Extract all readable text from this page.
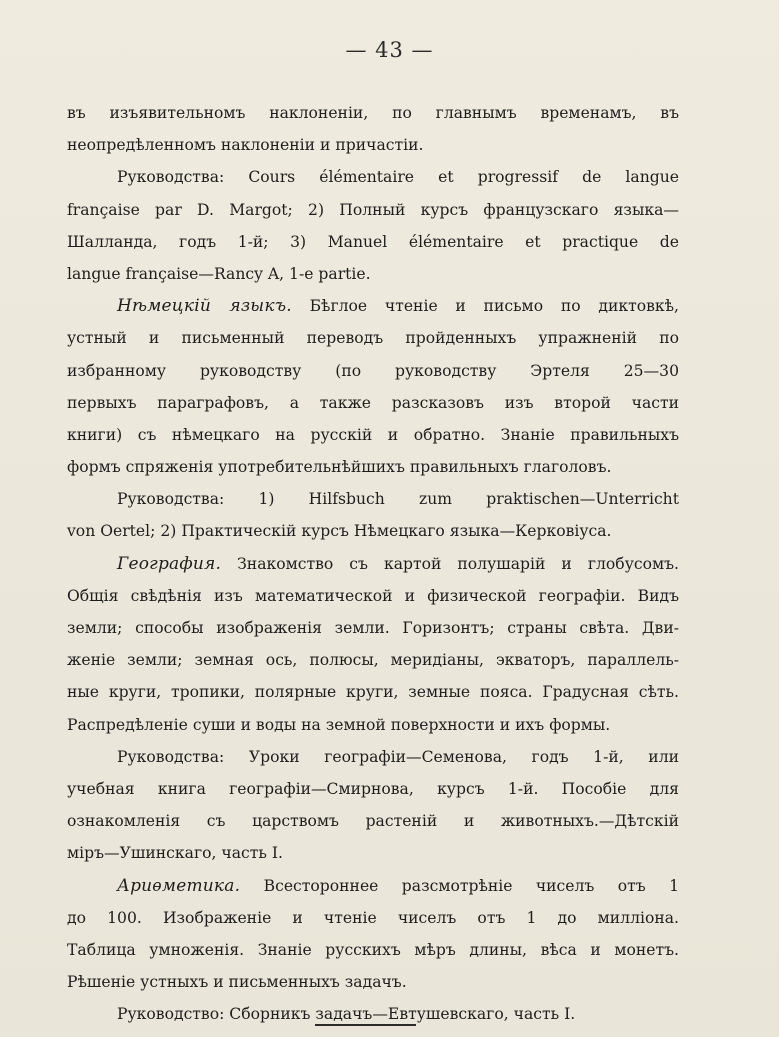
— 43 —
въ изъявительномъ наклоненіи, по главнымъ временамъ, въ
неопредѣленномъ наклоненіи и причастіи.
Руководства: Cours élémentaire et progressif de langue
française par D. Margot; 2) Полный курсъ французскаго языка—
Шалланда, годъ 1-й; 3) Manuel élémentaire et practique de
langue française—Rancy A, 1-e partie.
Нѣмецкій языкъ. Бѣглое чтеніе и письмо по диктовкѣ,
устный и письменный переводъ пройденныхъ упражненій по
избранному руководству (по руководству Эртеля 25—30
первыхъ параграфовъ, а также разсказовъ изъ второй части
книги) съ нѣмецкаго на русскій и обратно. Знаніе правильныхъ
формъ спряженія употребительнѣйшихъ правильныхъ глаголовъ.
Руководства: 1) Hilfsbuch zum praktischen—Unterricht
von Oertel; 2) Практическій курсъ Нѣмецкаго языка—Керковіуса.
География. Знакомство съ картой полушарій и глобусомъ.
Общія свѣдѣнія изъ математической и физической географіи. Видъ
земли; способы изображенія земли. Горизонтъ; страны свѣта. Дви-
женіе земли; земная ось, полюсы, меридіаны, экваторъ, параллель-
ные круги, тропики, полярные круги, земные пояса. Градусная сѣть.
Распредѣленіе суши и воды на земной поверхности и ихъ формы.
Руководства: Уроки географіи—Семенова, годъ 1-й, или
учебная книга географіи—Смирнова, курсъ 1-й. Пособіе для
ознакомленія съ царствомъ растеній и животныхъ.—Дѣтскій
міръ—Ушинскаго, часть I.
Ариѳметика. Всестороннее разсмотрѣніе чиселъ отъ 1
до 100. Изображеніе и чтеніе чиселъ отъ 1 до милліона.
Таблица умноженія. Знаніе русскихъ мѣръ длины, вѣса и монетъ.
Рѣшеніе устныхъ и письменныхъ задачъ.
Руководство: Сборникъ задачъ—Евтушевскаго, часть I.
